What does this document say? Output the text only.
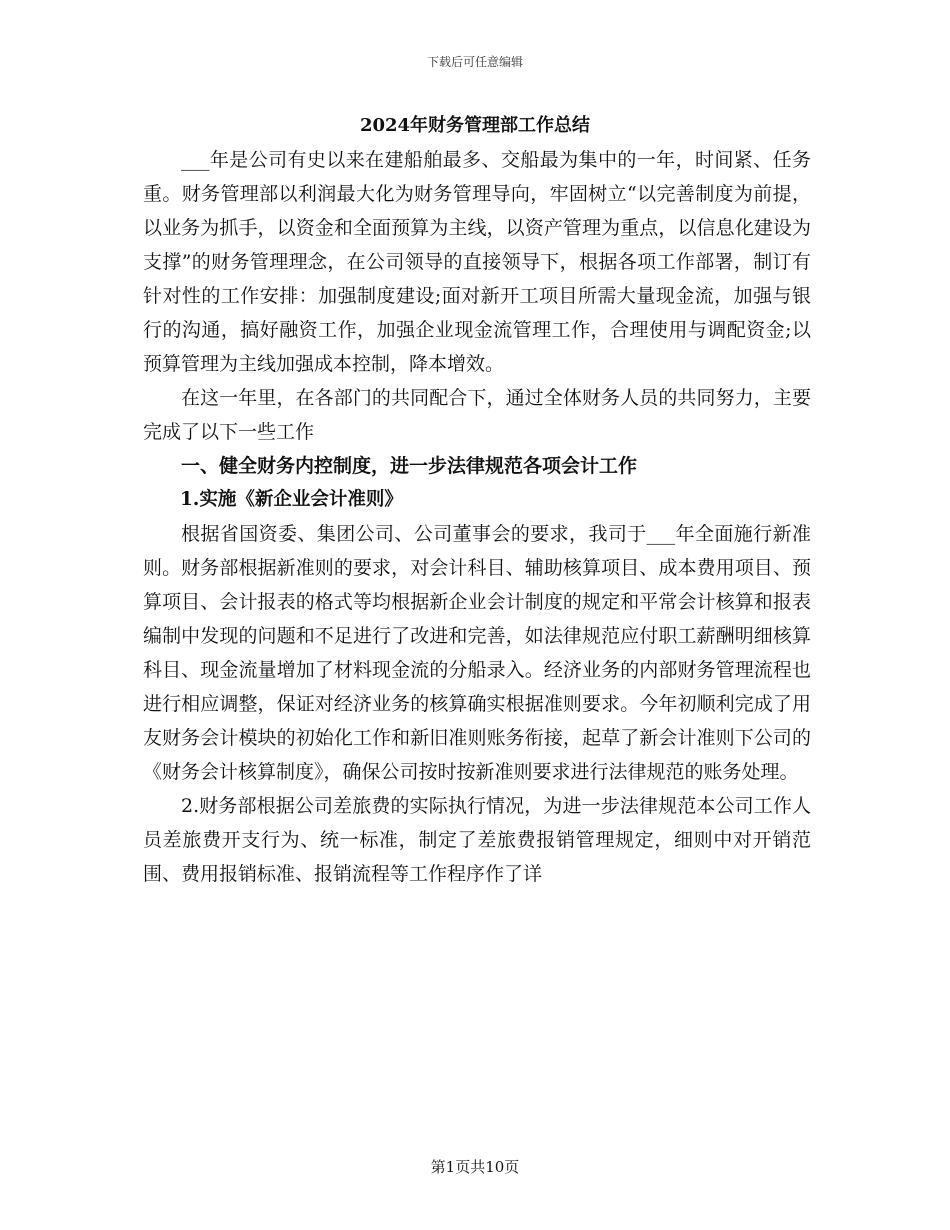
下载后可任意编辑
2024年财务管理部工作总结

___年是公司有史以来在建船舶最多、交船最为集中的一年，时间紧、任务重。财务管理部以利润最大化为财务管理导向，牢固树立“以完善制度为前提，以业务为抓手，以资金和全面预算为主线，以资产管理为重点，以信息化建设为支撑”的财务管理理念，在公司领导的直接领导下，根据各项工作部署，制订有针对性的工作安排：加强制度建设;面对新开工项目所需大量现金流，加强与银行的沟通，搞好融资工作，加强企业现金流管理工作，合理使用与调配资金;以预算管理为主线加强成本控制，降本增效。

在这一年里，在各部门的共同配合下，通过全体财务人员的共同努力，主要完成了以下一些工作

一、健全财务内控制度，进一步法律规范各项会计工作

1.实施《新企业会计准则》

根据省国资委、集团公司、公司董事会的要求，我司于___年全面施行新准则。财务部根据新准则的要求，对会计科目、辅助核算项目、成本费用项目、预算项目、会计报表的格式等均根据新企业会计制度的规定和平常会计核算和报表编制中发现的问题和不足进行了改进和完善，如法律规范应付职工薪酬明细核算科目、现金流量增加了材料现金流的分船录入。经济业务的内部财务管理流程也进行相应调整，保证对经济业务的核算确实根据准则要求。今年初顺利完成了用友财务会计模块的初始化工作和新旧准则账务衔接，起草了新会计准则下公司的《财务会计核算制度》，确保公司按时按新准则要求进行法律规范的账务处理。

2.财务部根据公司差旅费的实际执行情况，为进一步法律规范本公司工作人员差旅费开支行为、统一标准，制定了差旅费报销管理规定，细则中对开销范围、费用报销标准、报销流程等工作程序作了详

第1页共10页
